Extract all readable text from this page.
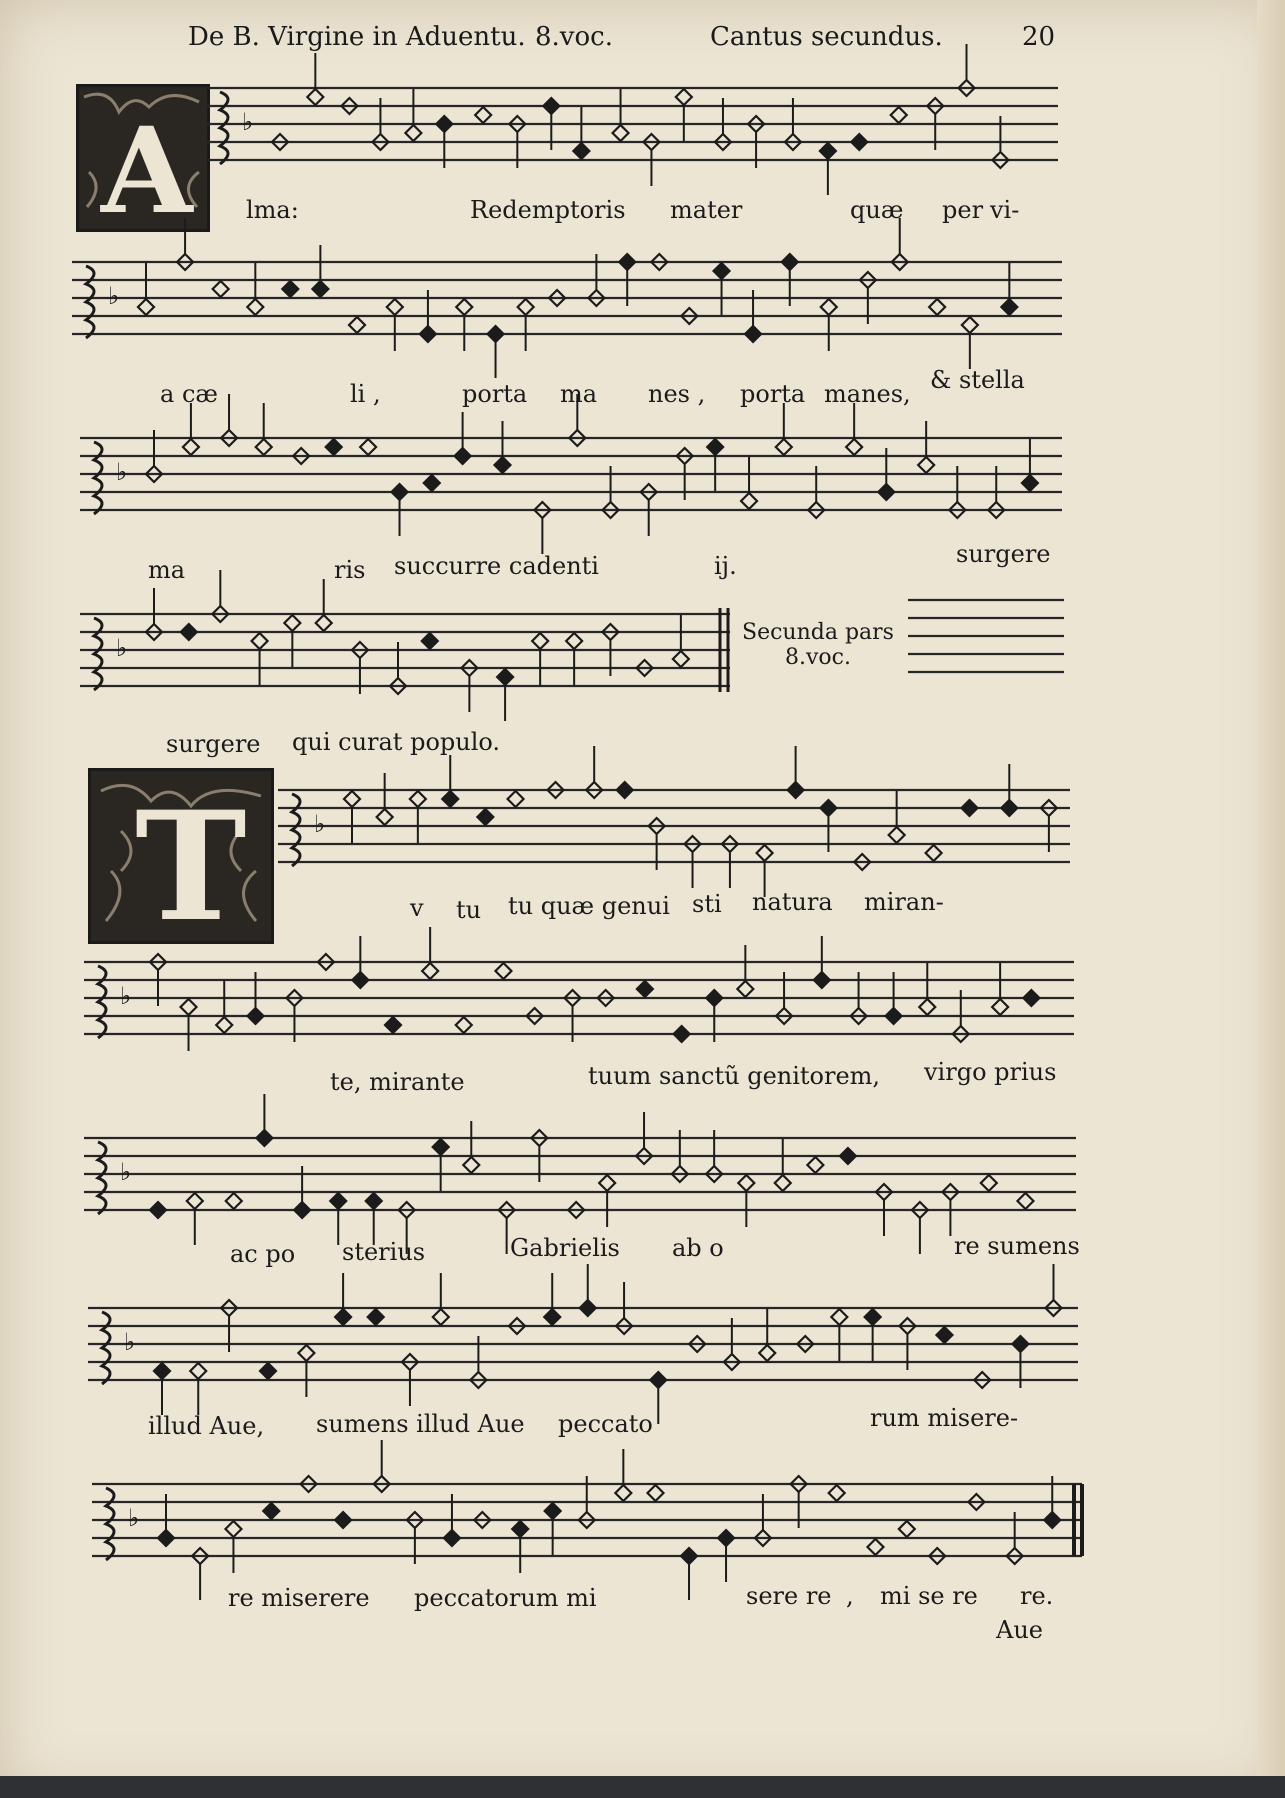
De B. Virgine in Aduentu. 8.voc.	Cantus secundus.	20
A
T
♭
♭
♭
♭
♭
♭
♭
♭
♭
Secunda pars
8.voc.
lma:	Redemptoris mater	quæ per vi-
a cæ	li ,	porta ma nes , porta manes, & stella
ma	ris succurre cadenti	ij.	surgere
surgere qui curat populo.
v tu tu quæ genui sti natura miran-
te, mirante	tuum sanctũ genitorem, virgo prius
ac po sterius	Gabrielis ab o	re sumens
illud Aue, sumens illud Aue peccato	rum misere-
re miserere peccatorum mi	sere re , mi se re re.
Aue
